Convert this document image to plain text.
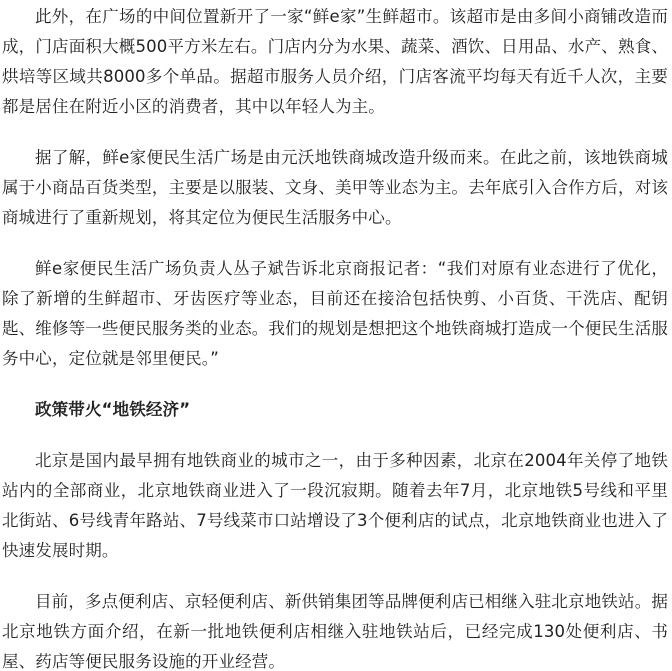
此外，在广场的中间位置新开了一家“鲜e家”生鲜超市。该超市是由多间小商铺改造而成，门店面积大概500平方米左右。门店内分为水果、蔬菜、酒饮、日用品、水产、熟食、烘培等区域共8000多个单品。据超市服务人员介绍，门店客流平均每天有近千人次，主要都是居住在附近小区的消费者，其中以年轻人为主。

据了解，鲜e家便民生活广场是由元沃地铁商城改造升级而来。在此之前，该地铁商城属于小商品百货类型，主要是以服装、文身、美甲等业态为主。去年底引入合作方后，对该商城进行了重新规划，将其定位为便民生活服务中心。

鲜e家便民生活广场负责人丛子斌告诉北京商报记者：“我们对原有业态进行了优化，除了新增的生鲜超市、牙齿医疗等业态，目前还在接洽包括快剪、小百货、干洗店、配钥匙、维修等一些便民服务类的业态。我们的规划是想把这个地铁商城打造成一个便民生活服务中心，定位就是邻里便民。”

政策带火“地铁经济”

北京是国内最早拥有地铁商业的城市之一，由于多种因素，北京在2004年关停了地铁站内的全部商业，北京地铁商业进入了一段沉寂期。随着去年7月，北京地铁5号线和平里北街站、6号线青年路站、7号线菜市口站增设了3个便利店的试点，北京地铁商业也进入了快速发展时期。

目前，多点便利店、京轻便利店、新供销集团等品牌便利店已相继入驻北京地铁站。据北京地铁方面介绍，在新一批地铁便利店相继入驻地铁站后，已经完成130处便利店、书屋、药店等便民服务设施的开业经营。
